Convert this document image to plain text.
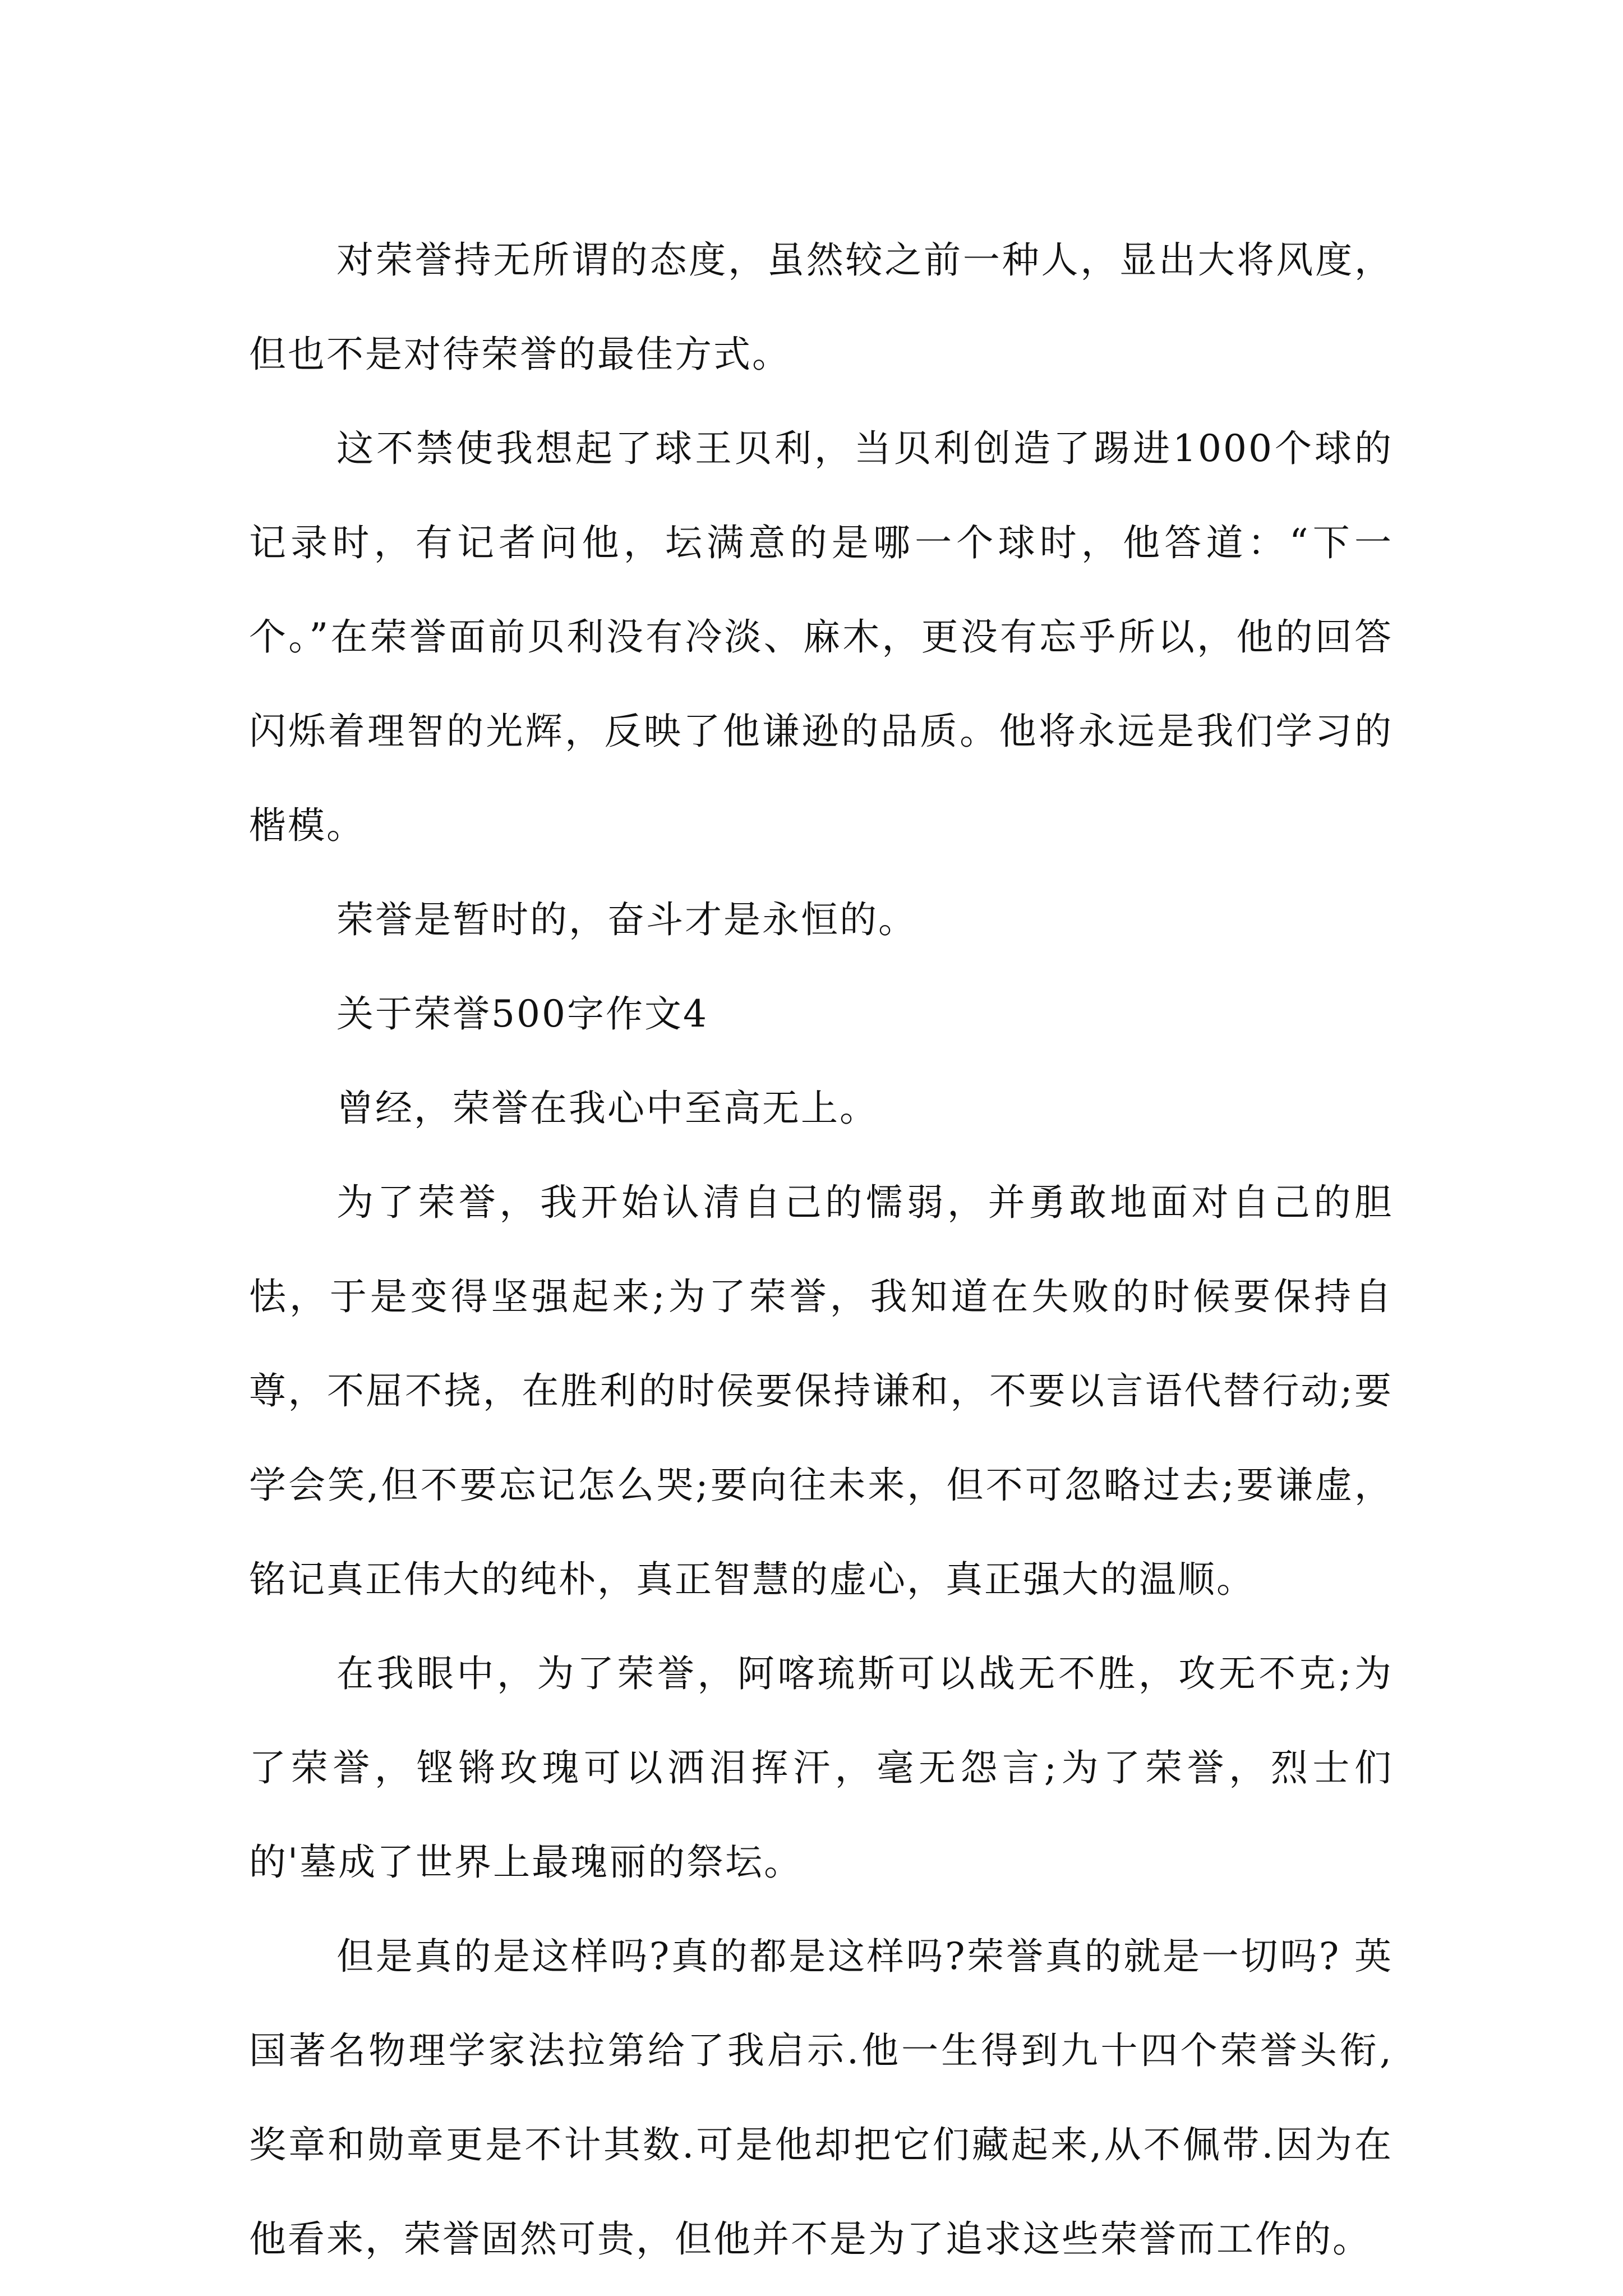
对荣誉持无所谓的态度，虽然较之前一种人，显出大将风度，但也不是对待荣誉的最佳方式。

这不禁使我想起了球王贝利，当贝利创造了踢进1000个球的记录时，有记者问他，坛满意的是哪一个球时，他答道：“下一个。”在荣誉面前贝利没有冷淡、麻木，更没有忘乎所以，他的回答闪烁着理智的光辉，反映了他谦逊的品质。他将永远是我们学习的楷模。

荣誉是暂时的，奋斗才是永恒的。

关于荣誉500字作文4

曾经，荣誉在我心中至高无上。

为了荣誉，我开始认清自己的懦弱，并勇敢地面对自己的胆怯，于是变得坚强起来;为了荣誉，我知道在失败的时候要保持自尊，不屈不挠，在胜利的时侯要保持谦和，不要以言语代替行动;要学会笑,但不要忘记怎么哭;要向往未来，但不可忽略过去;要谦虚，铭记真正伟大的纯朴，真正智慧的虚心，真正强大的温顺。

在我眼中，为了荣誉，阿喀琉斯可以战无不胜，攻无不克;为了荣誉，铿锵玫瑰可以洒泪挥汗，毫无怨言;为了荣誉，烈士们的'墓成了世界上最瑰丽的祭坛。

但是真的是这样吗?真的都是这样吗?荣誉真的就是一切吗? 英国著名物理学家法拉第给了我启示.他一生得到九十四个荣誉头衔,奖章和勋章更是不计其数.可是他却把它们藏起来,从不佩带.因为在他看来，荣誉固然可贵，但他并不是为了追求这些荣誉而工作的。
